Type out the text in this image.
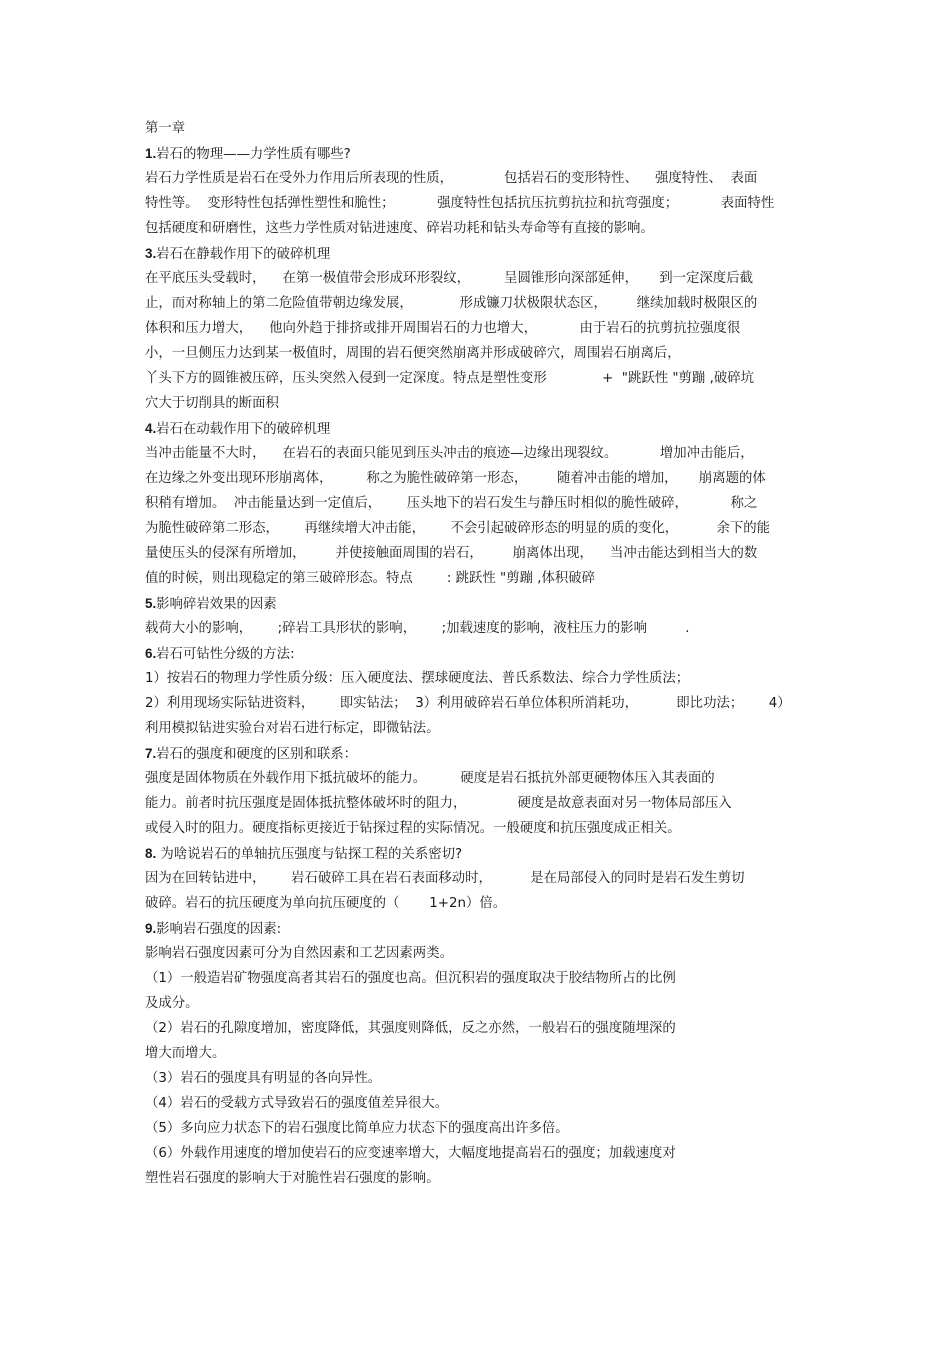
第一章
1.岩石的物理——力学性质有哪些?
岩石力学性质是岩石在受外力作用后所表现的性质，            包括岩石的变形特性、    强度特性、  表面
特性等。  变形特性包括弹性塑性和脆性；          强度特性包括抗压抗剪抗拉和抗弯强度；          表面特性
包括硬度和研磨性，这些力学性质对钻进速度、碎岩功耗和钻头寿命等有直接的影响。
3.岩石在静载作用下的破碎机理
在平底压头受载时，    在第一极值带会形成环形裂纹，        呈圆锥形向深部延伸，     到一定深度后截
止，而对称轴上的第二危险值带朝边缘发展，           形成镰刀状极限状态区，       继续加载时极限区的
体积和压力增大，    他向外趋于排挤或排开周围岩石的力也增大，          由于岩石的抗剪抗拉强度很
小，一旦侧压力达到某一极值时，周围的岩石便突然崩离并形成破碎穴，周围岩石崩离后，
丫头下方的圆锥被压碎，压头突然入侵到一定深度。特点是塑性变形             +  "跳跃性 "剪蹦 ,破碎坑
穴大于切削具的断面积
4.岩石在动载作用下的破碎机理
当冲击能量不大时，    在岩石的表面只能见到压头冲击的痕迹—边缘出现裂纹。          增加冲击能后，
在边缘之外变出现环形崩离体，        称之为脆性破碎第一形态，       随着冲击能的增加，     崩离题的体
积稍有增加。  冲击能量达到一定值后，      压头地下的岩石发生与静压时相似的脆性破碎，          称之
为脆性破碎第二形态，      再继续增大冲击能，      不会引起破碎形态的明显的质的变化，         余下的能
量使压头的侵深有所增加，       并使接触面周围的岩石，       崩离体出现，    当冲击能达到相当大的数
值的时候，则出现稳定的第三破碎形态。特点        : 跳跃性 "剪蹦 ,体积破碎
5.影响碎岩效果的因素
载荷大小的影响，      ;碎岩工具形状的影响，      ;加载速度的影响，液柱压力的影响         .
6.岩石可钻性分级的方法:
1）按岩石的物理力学性质分级：压入硬度法、摆球硬度法、普氏系数法、综合力学性质法；
2）利用现场实际钻进资料，      即实钻法；  3）利用破碎岩石单位体积所消耗功，         即比功法；      4）
利用模拟钻进实验台对岩石进行标定，即微钻法。
7.岩石的强度和硬度的区别和联系：
强度是固体物质在外载作用下抵抗破坏的能力。        硬度是岩石抵抗外部更硬物体压入其表面的
能力。前者时抗压强度是固体抵抗整体破坏时的阻力，            硬度是故意表面对另一物体局部压入
或侵入时的阻力。硬度指标更接近于钻探过程的实际情况。一般硬度和抗压强度成正相关。
8. 为啥说岩石的单轴抗压强度与钻探工程的关系密切?
因为在回转钻进中，      岩石破碎工具在岩石表面移动时，         是在局部侵入的同时是岩石发生剪切
破碎。岩石的抗压硬度为单向抗压硬度的（       1+2n）倍。
9.影响岩石强度的因素:
影响岩石强度因素可分为自然因素和工艺因素两类。
（1）一般造岩矿物强度高者其岩石的强度也高。但沉积岩的强度取决于胶结物所占的比例
及成分。
（2）岩石的孔隙度增加，密度降低，其强度则降低，反之亦然，一般岩石的强度随埋深的
增大而增大。
（3）岩石的强度具有明显的各向异性。
（4）岩石的受载方式导致岩石的强度值差异很大。
（5）多向应力状态下的岩石强度比简单应力状态下的强度高出许多倍。
（6）外载作用速度的增加使岩石的应变速率增大，大幅度地提高岩石的强度；加载速度对
塑性岩石强度的影响大于对脆性岩石强度的影响。
